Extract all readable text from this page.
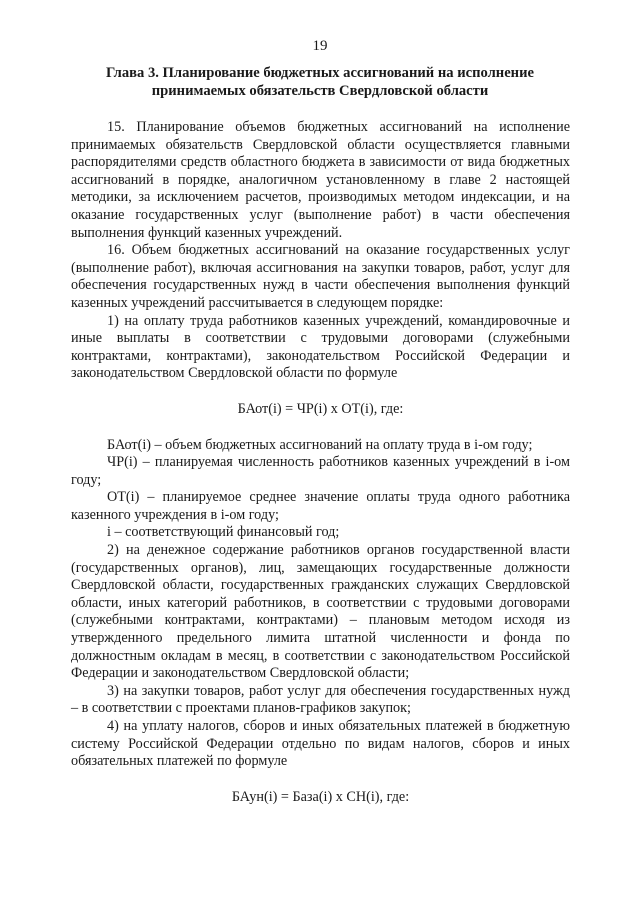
19
Глава 3. Планирование бюджетных ассигнований на исполнение принимаемых обязательств Свердловской области

15. Планирование объемов бюджетных ассигнований на исполнение принимаемых обязательств Свердловской области осуществляется главными распорядителями средств областного бюджета в зависимости от вида бюджетных ассигнований в порядке, аналогичном установленному в главе 2 настоящей методики, за исключением расчетов, производимых методом индексации, и на оказание государственных услуг (выполнение работ) в части обеспечения выполнения функций казенных учреждений.

16. Объем бюджетных ассигнований на оказание государственных услуг (выполнение работ), включая ассигнования на закупки товаров, работ, услуг для обеспечения государственных нужд в части обеспечения выполнения функций казенных учреждений рассчитывается в следующем порядке:

1) на оплату труда работников казенных учреждений, командировочные и иные выплаты в соответствии с трудовыми договорами (служебными контрактами, контрактами), законодательством Российской Федерации и законодательством Свердловской области по формуле

БАот(i) = ЧР(i) x ОТ(i), где:

БАот(i) – объем бюджетных ассигнований на оплату труда в i-ом году;

ЧР(i) – планируемая численность работников казенных учреждений в i-ом году;

ОТ(i) – планируемое среднее значение оплаты труда одного работника казенного учреждения в i-ом году;

i – соответствующий финансовый год;

2) на денежное содержание работников органов государственной власти (государственных органов), лиц, замещающих государственные должности Свердловской области, государственных гражданских служащих Свердловской области, иных категорий работников, в соответствии с трудовыми договорами (служебными контрактами, контрактами) – плановым методом исходя из утвержденного предельного лимита штатной численности и фонда по должностным окладам в месяц, в соответствии с законодательством Российской Федерации и законодательством Свердловской области;

3) на закупки товаров, работ услуг для обеспечения государственных нужд – в соответствии с проектами планов-графиков закупок;

4) на уплату налогов, сборов и иных обязательных платежей в бюджетную систему Российской Федерации отдельно по видам налогов, сборов и иных обязательных платежей по формуле

БАун(i) = База(i) x СН(i), где:
